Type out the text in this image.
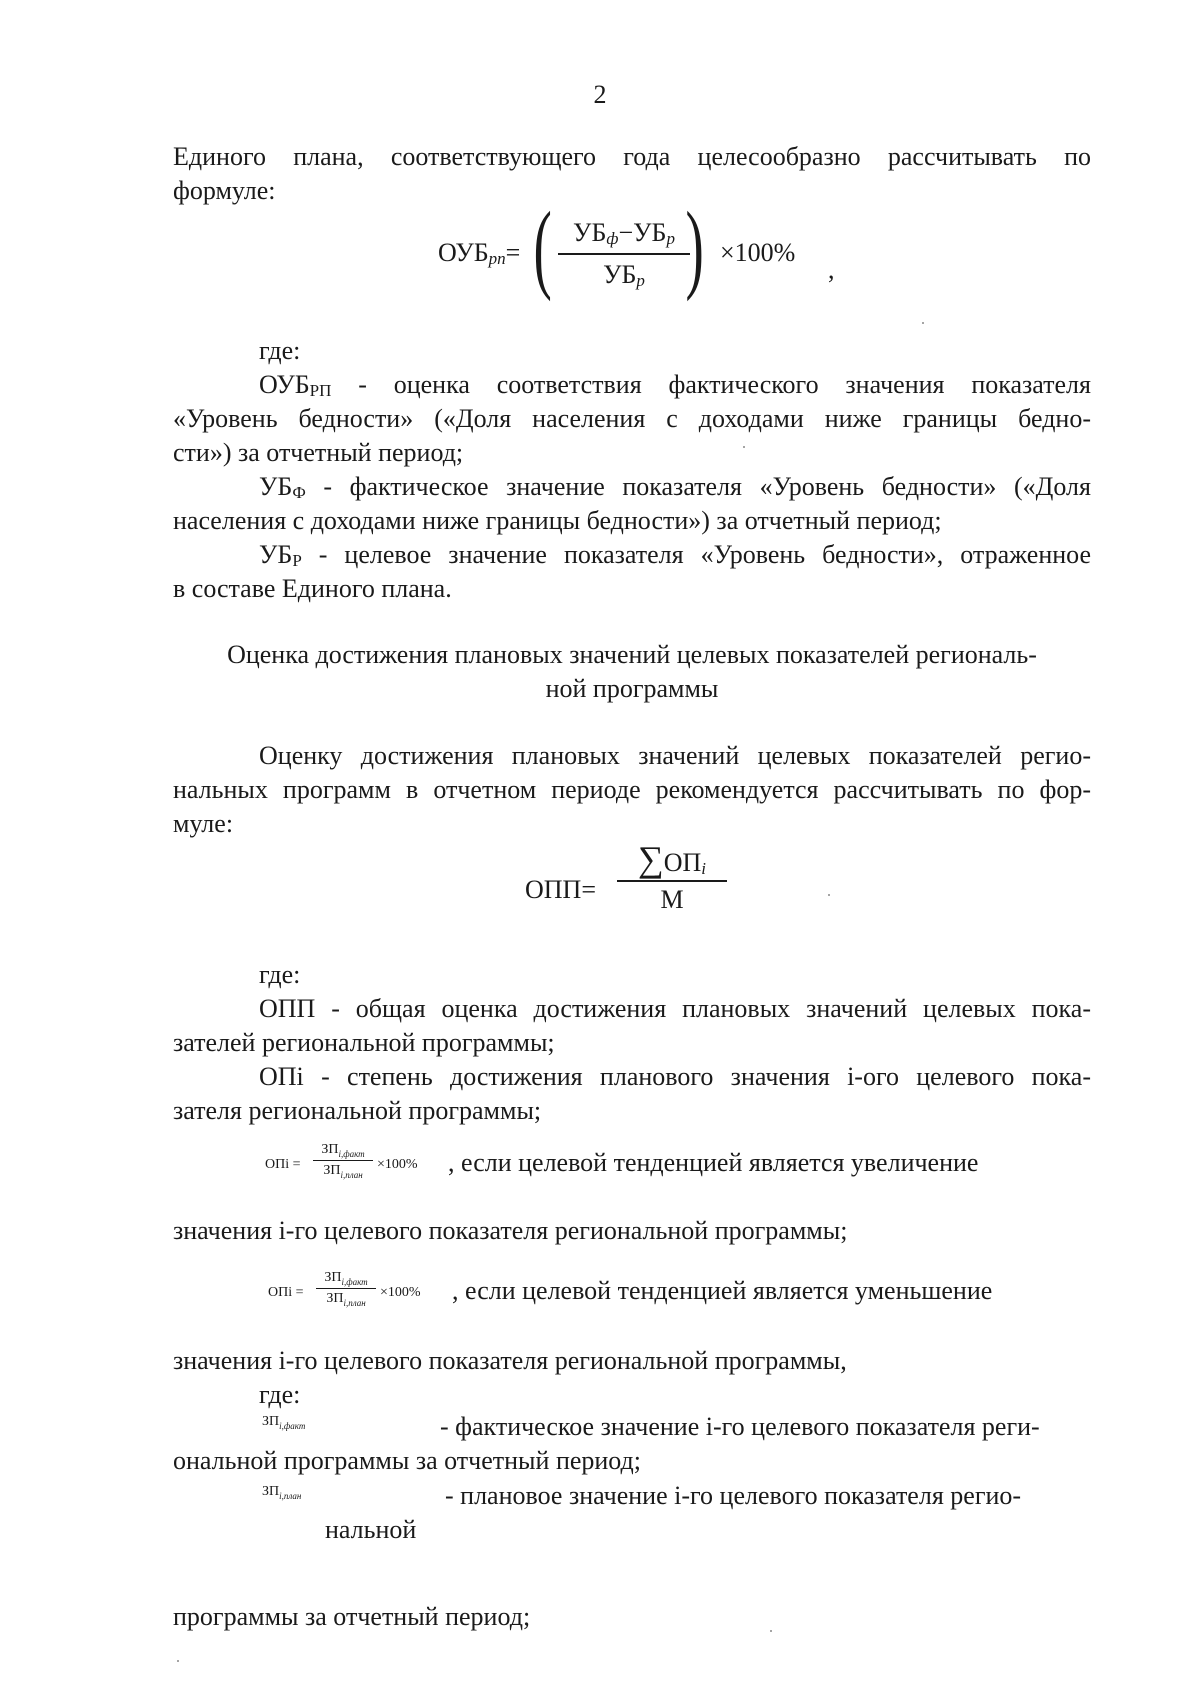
2
Единого плана, соответствующего года целесообразно рассчитывать по
формуле:
$ОУБ_{рп}=$ ( $УБ_ф-УБ_р$
$УБ_р$ ) ×100%
,
где:
$ОУБ_{РП}$ - оценка соответствия фактического значения показателя
«Уровень бедности» («Доля населения с доходами ниже границы бедно-
сти») за отчетный период;
$УБ_Ф$ - фактическое значение показателя «Уровень бедности» («Доля
населения с доходами ниже границы бедности») за отчетный период;
$УБ_Р$ - целевое значение показателя «Уровень бедности», отраженное
в составе Единого плана.
Оценка достижения плановых значений целевых показателей региональ-
ной программы
Оценку достижения плановых значений целевых показателей регио-
нальных программ в отчетном периоде рекомендуется рассчитывать по фор-
муле:
ОПП=
$\sum ОП_i$
М
где:
ОПП - общая оценка достижения плановых значений целевых пока-
зателей региональной программы;
ОПi - степень достижения планового значения i-ого целевого пока-
зателя региональной программы;
ОПi =
$ЗП_{i,факт}$
$ЗП_{i,план}$
×100% , если целевой тенденцией является увеличение
значения i-го целевого показателя региональной программы;
ОПi =
$ЗП_{i,факт}$
$ЗП_{i,план}$
×100% , если целевой тенденцией является уменьшение
значения i-го целевого показателя региональной программы,
где:
$ЗП_{i,факт}$	- фактическое значение i-го целевого показателя реги-
ональной программы за отчетный период;
$ЗП_{i,план}$	- плановое значение i-го целевого показателя регио-
нальной
программы за отчетный период;
